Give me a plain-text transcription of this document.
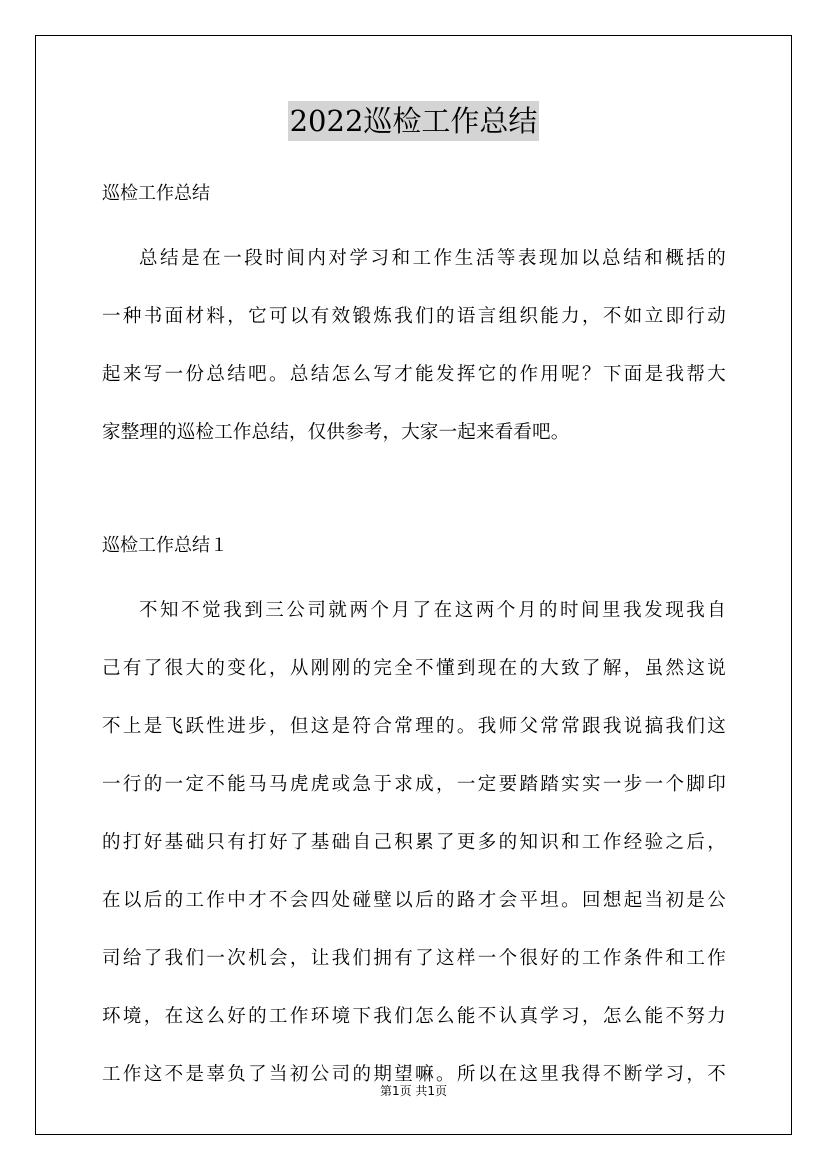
2022巡检工作总结
巡检工作总结
总结是在一段时间内对学习和工作生活等表现加以总结和概括的
一种书面材料，它可以有效锻炼我们的语言组织能力，不如立即行动
起来写一份总结吧。总结怎么写才能发挥它的作用呢？下面是我帮大
家整理的巡检工作总结，仅供参考，大家一起来看看吧。
巡检工作总结１
不知不觉我到三公司就两个月了在这两个月的时间里我发现我自
己有了很大的变化，从刚刚的完全不懂到现在的大致了解，虽然这说
不上是飞跃性进步，但这是符合常理的。我师父常常跟我说搞我们这
一行的一定不能马马虎虎或急于求成，一定要踏踏实实一步一个脚印
的打好基础只有打好了基础自己积累了更多的知识和工作经验之后，
在以后的工作中才不会四处碰壁以后的路才会平坦。回想起当初是公
司给了我们一次机会，让我们拥有了这样一个很好的工作条件和工作
环境，在这么好的工作环境下我们怎么能不认真学习，怎么能不努力
工作这不是辜负了当初公司的期望嘛。所以在这里我得不断学习，不
第1页 共1页
